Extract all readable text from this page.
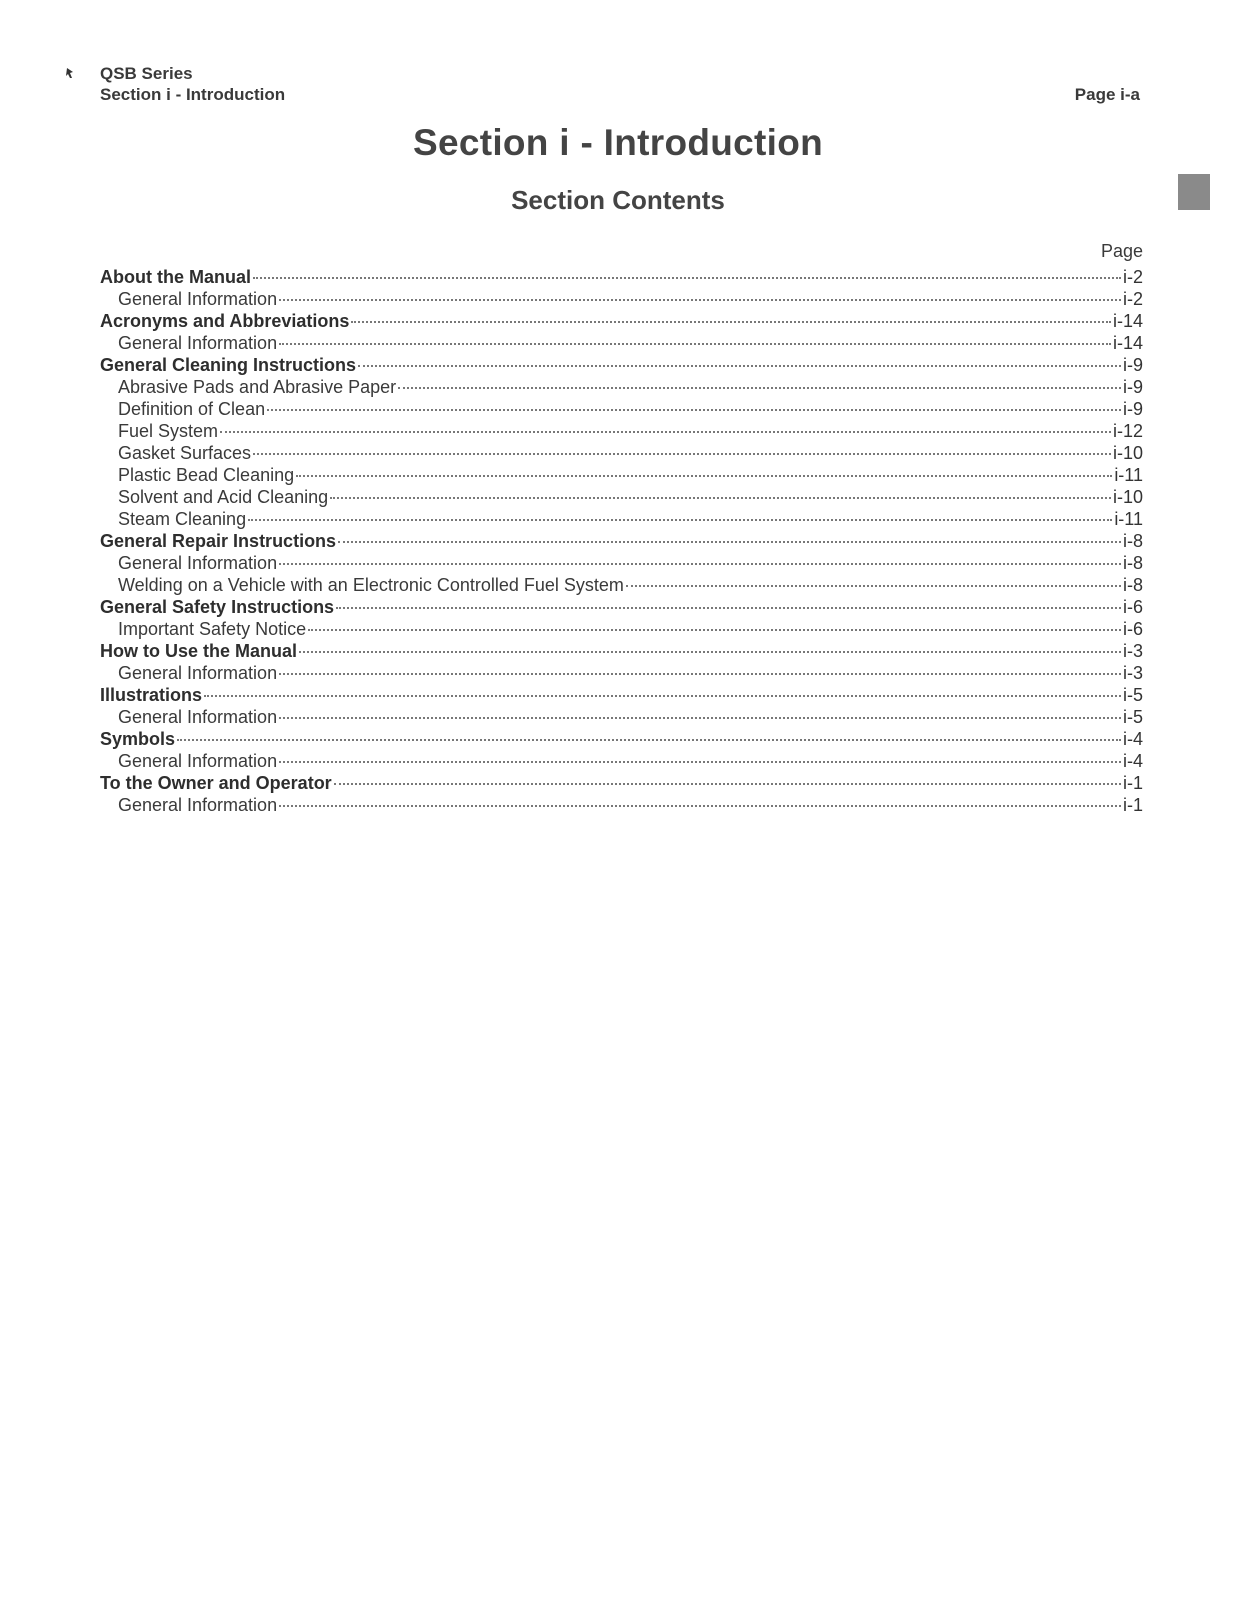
QSB Series
Section i - Introduction	Page i-a
Section i - Introduction
Section Contents
Page
About the Manual	i-2
General Information	i-2
Acronyms and Abbreviations	i-14
General Information	i-14
General Cleaning Instructions	i-9
Abrasive Pads and Abrasive Paper	i-9
Definition of Clean	i-9
Fuel System	i-12
Gasket Surfaces	i-10
Plastic Bead Cleaning	i-11
Solvent and Acid Cleaning	i-10
Steam Cleaning	i-11
General Repair Instructions	i-8
General Information	i-8
Welding on a Vehicle with an Electronic Controlled Fuel System	i-8
General Safety Instructions	i-6
Important Safety Notice	i-6
How to Use the Manual	i-3
General Information	i-3
Illustrations	i-5
General Information	i-5
Symbols	i-4
General Information	i-4
To the Owner and Operator	i-1
General Information	i-1
